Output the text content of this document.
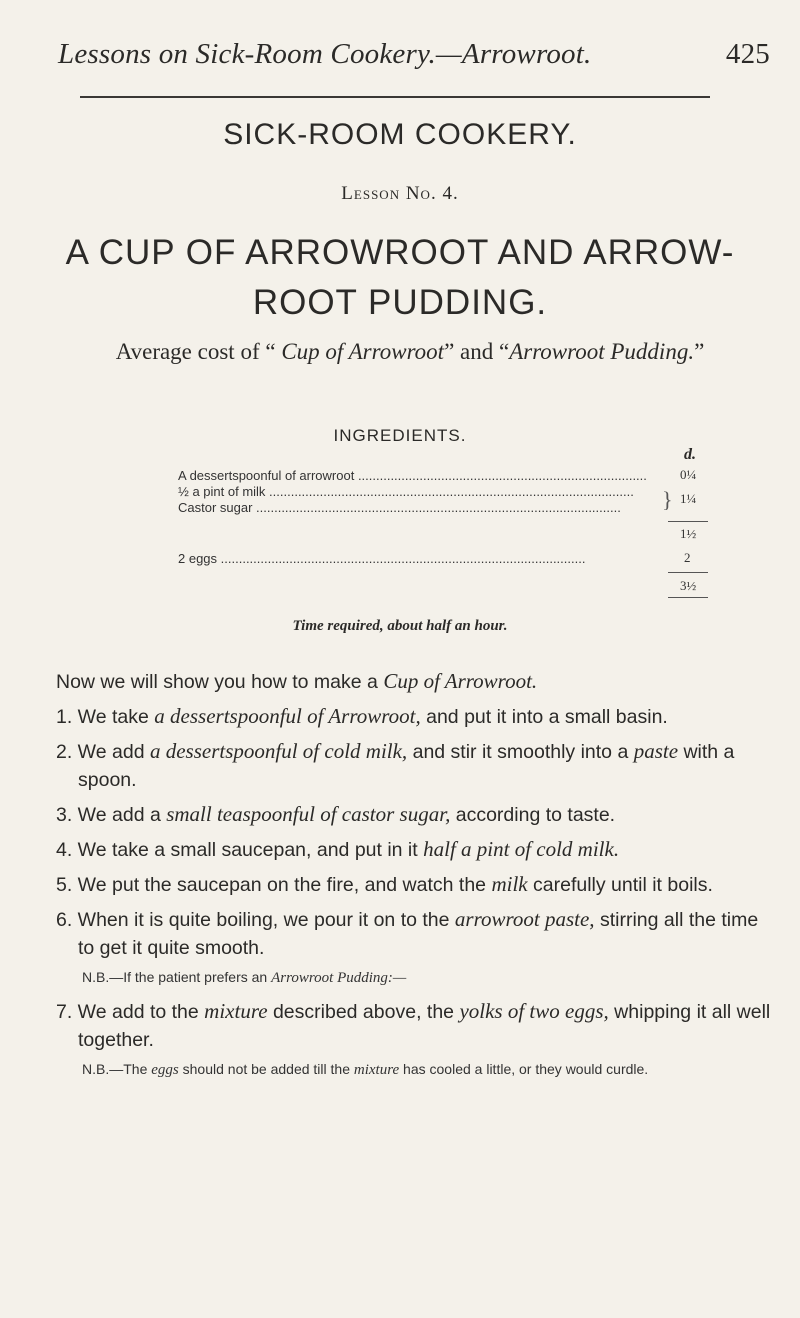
Lessons on Sick-Room Cookery.—Arrowroot.	425
SICK-ROOM COOKERY.
Lesson No. 4.
A CUP OF ARROWROOT AND ARROW-
ROOT PUDDING.
Average cost of “ Cup of Arrowroot” and “Arrowroot Pudding.”
INGREDIENTS.
d.
A dessertspoonful of arrowroot .....	0¼
½ a pint of milk .....
Castor sugar .....	} 1¼
1½
2 eggs .....	2
3½
Time required, about half an hour.

Now we will show you how to make a Cup of Arrowroot.

1. We take a dessertspoonful of Arrowroot, and put it into a small basin.

2. We add a dessertspoonful of cold milk, and stir it smoothly into a paste with a spoon.

3. We add a small teaspoonful of castor sugar, according to taste.

4. We take a small saucepan, and put in it half a pint of cold milk.

5. We put the saucepan on the fire, and watch the milk carefully until it boils.

6. When it is quite boiling, we pour it on to the arrowroot paste, stirring all the time to get it quite smooth.

N.B.—If the patient prefers an Arrowroot Pudding:—

7. We add to the mixture described above, the yolks of two eggs, whipping it all well together.

N.B.—The eggs should not be added till the mixture has cooled a little, or they would curdle.
